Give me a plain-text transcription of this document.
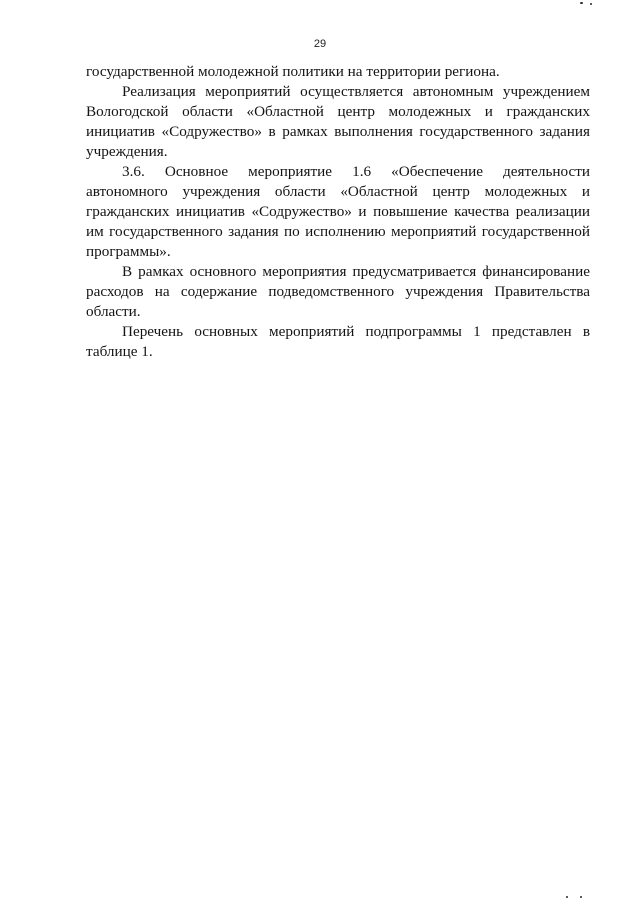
29

государственной молодежной политики на территории региона.

Реализация мероприятий осуществляется автономным учреждением Вологодской области «Областной центр молодежных и гражданских инициатив «Содружество» в рамках выполнения государственного задания учреждения.

3.6. Основное мероприятие 1.6 «Обеспечение деятельности автономного учреждения области «Областной центр молодежных и гражданских инициатив «Содружество» и повышение качества реализации им государственного задания по исполнению мероприятий государственной программы».

В рамках основного мероприятия предусматривается финансирование расходов на содержание подведомственного учреждения Правительства области.

Перечень основных мероприятий подпрограммы 1 представлен в таблице 1.
